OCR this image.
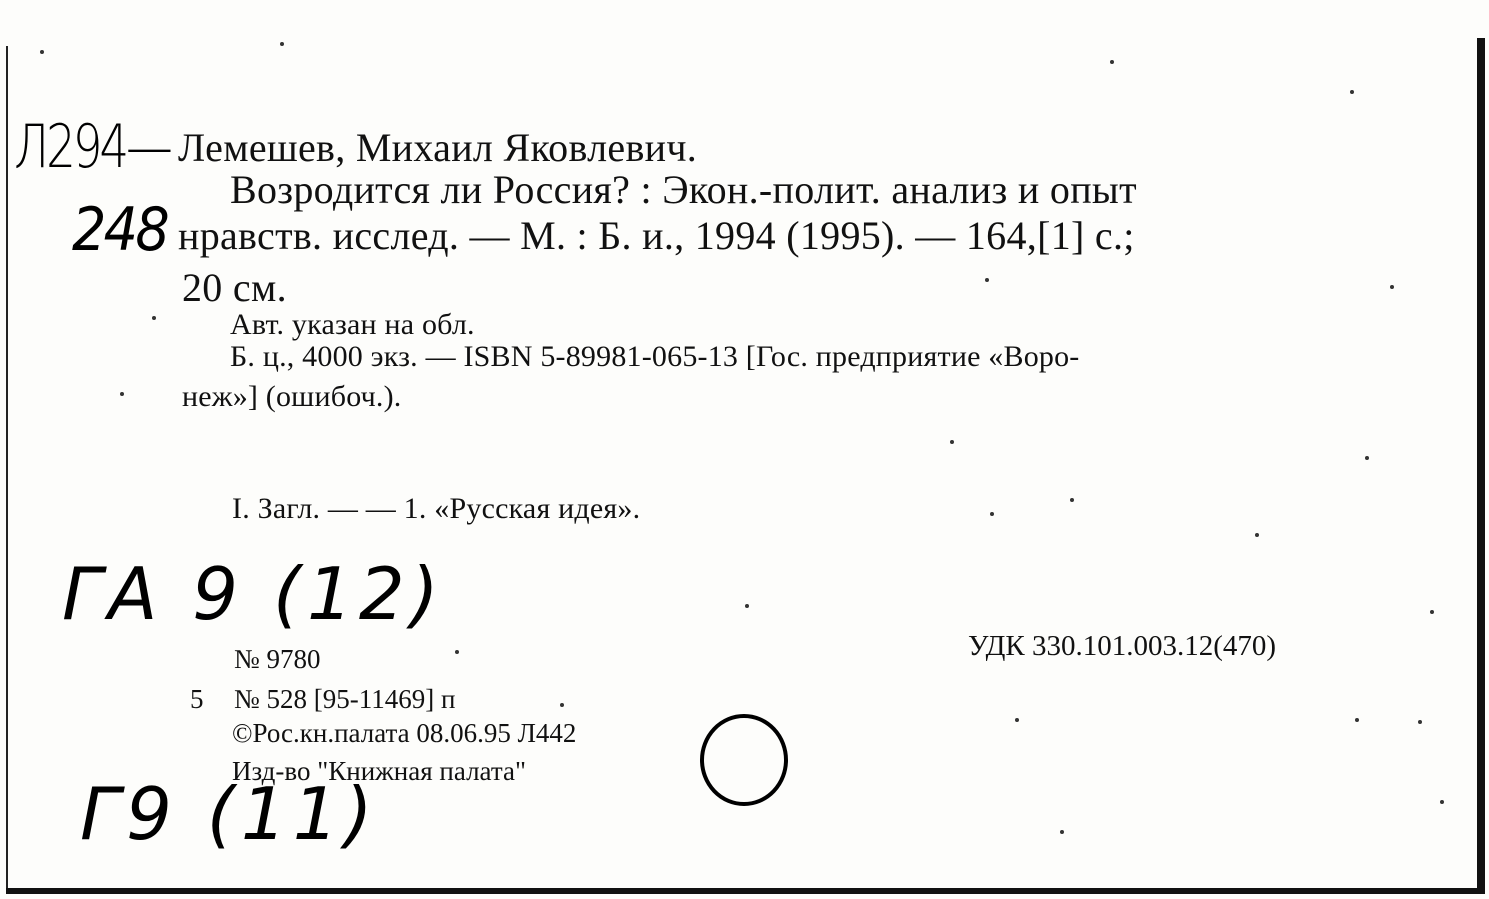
Л294—
248

Лемешев, Михаил Яковлевич.

Возродится ли Россия? : Экон.-полит. анализ и опыт

нравств. исслед. — М. : Б. и., 1994 (1995). — 164,[1] с.;

20 см.

Авт. указан на обл.

Б. ц., 4000 экз. — ISBN 5-89981-065-13 [Гос. предприятие «Воро-

неж»] (ошибоч.).

I. Загл. — — 1. «Русская идея».

ГА 9 (12)
Г9 (11)

№ 9780	УДК 330.101.003.12(470)

5 № 528 [95-11469] п

©Рос.кн.палата 08.06.95 Л442

Изд-во "Книжная палата"
